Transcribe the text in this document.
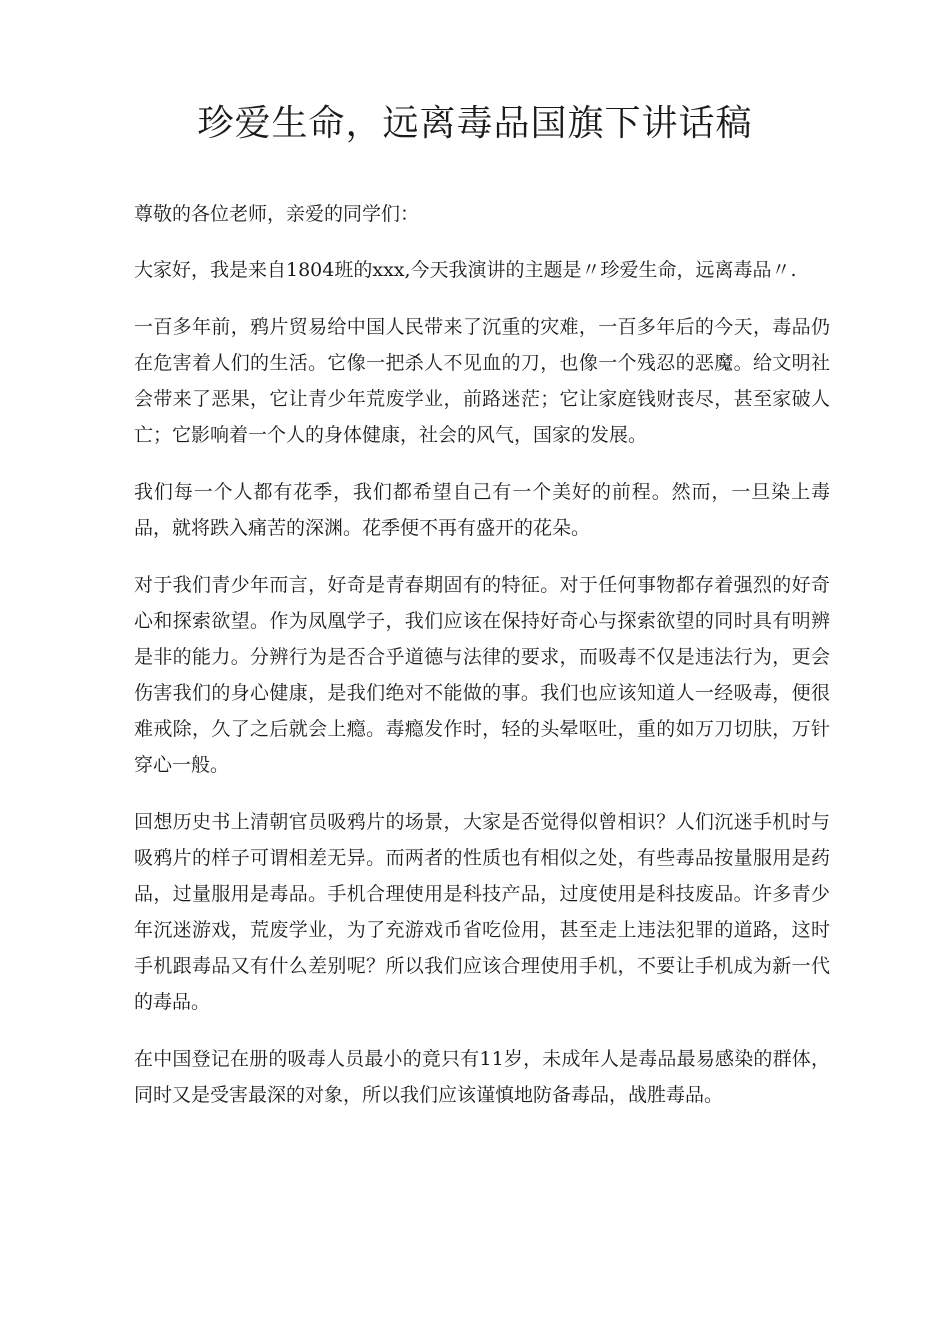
珍爱生命，远离毒品国旗下讲话稿

尊敬的各位老师，亲爱的同学们：

大家好，我是来自1804班的xxx,今天我演讲的主题是〃珍爱生命，远离毒品〃.

一百多年前，鸦片贸易给中国人民带来了沉重的灾难，一百多年后的今天，毒品仍在危害着人们的生活。它像一把杀人不见血的刀，也像一个残忍的恶魔。给文明社会带来了恶果，它让青少年荒废学业，前路迷茫；它让家庭钱财丧尽，甚至家破人亡；它影响着一个人的身体健康，社会的风气，国家的发展。

我们每一个人都有花季，我们都希望自己有一个美好的前程。然而，一旦染上毒品，就将跌入痛苦的深渊。花季便不再有盛开的花朵。

对于我们青少年而言，好奇是青春期固有的特征。对于任何事物都存着强烈的好奇心和探索欲望。作为凤凰学子，我们应该在保持好奇心与探索欲望的同时具有明辨是非的能力。分辨行为是否合乎道德与法律的要求，而吸毒不仅是违法行为，更会伤害我们的身心健康，是我们绝对不能做的事。我们也应该知道人一经吸毒，便很难戒除，久了之后就会上瘾。毒瘾发作时，轻的头晕呕吐，重的如万刀切肤，万针穿心一般。

回想历史书上清朝官员吸鸦片的场景，大家是否觉得似曾相识？人们沉迷手机时与吸鸦片的样子可谓相差无异。而两者的性质也有相似之处，有些毒品按量服用是药品，过量服用是毒品。手机合理使用是科技产品，过度使用是科技废品。许多青少年沉迷游戏，荒废学业，为了充游戏币省吃俭用，甚至走上违法犯罪的道路，这时手机跟毒品又有什么差别呢？所以我们应该合理使用手机，不要让手机成为新一代的毒品。

在中国登记在册的吸毒人员最小的竟只有11岁，未成年人是毒品最易感染的群体，同时又是受害最深的对象，所以我们应该谨慎地防备毒品，战胜毒品。
